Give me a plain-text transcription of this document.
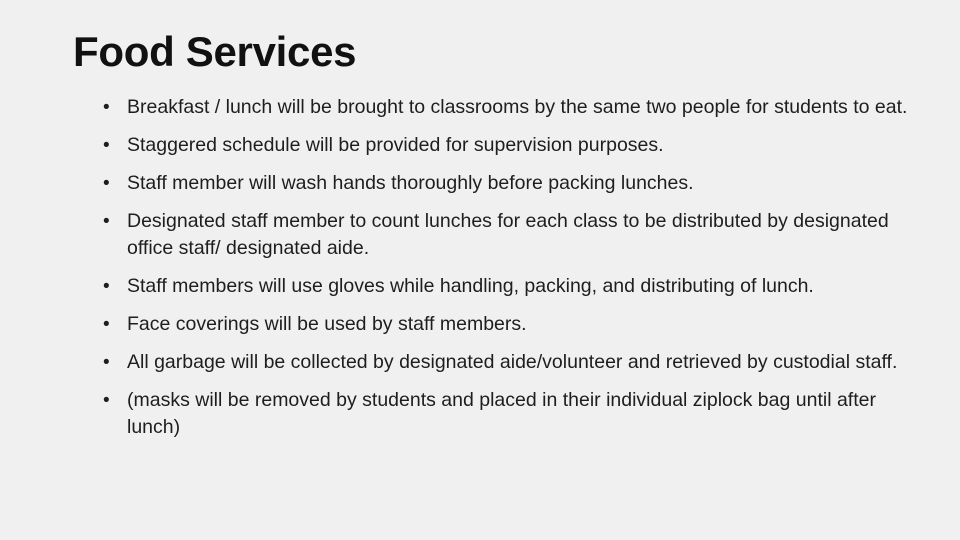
Food Services
• Breakfast / lunch will be brought to classrooms by the same two people for students to eat.
• Staggered schedule will be provided for supervision purposes.
• Staff member will wash hands thoroughly before packing lunches.
• Designated staff member to count lunches for each class to be distributed by designated office staff/ designated aide.
• Staff members will use gloves while handling, packing, and distributing of lunch.
• Face coverings will be used by staff members.
• All garbage will be collected by designated aide/volunteer and retrieved by custodial staff.
• (masks will be removed by students and placed in their individual ziplock bag until after lunch)
